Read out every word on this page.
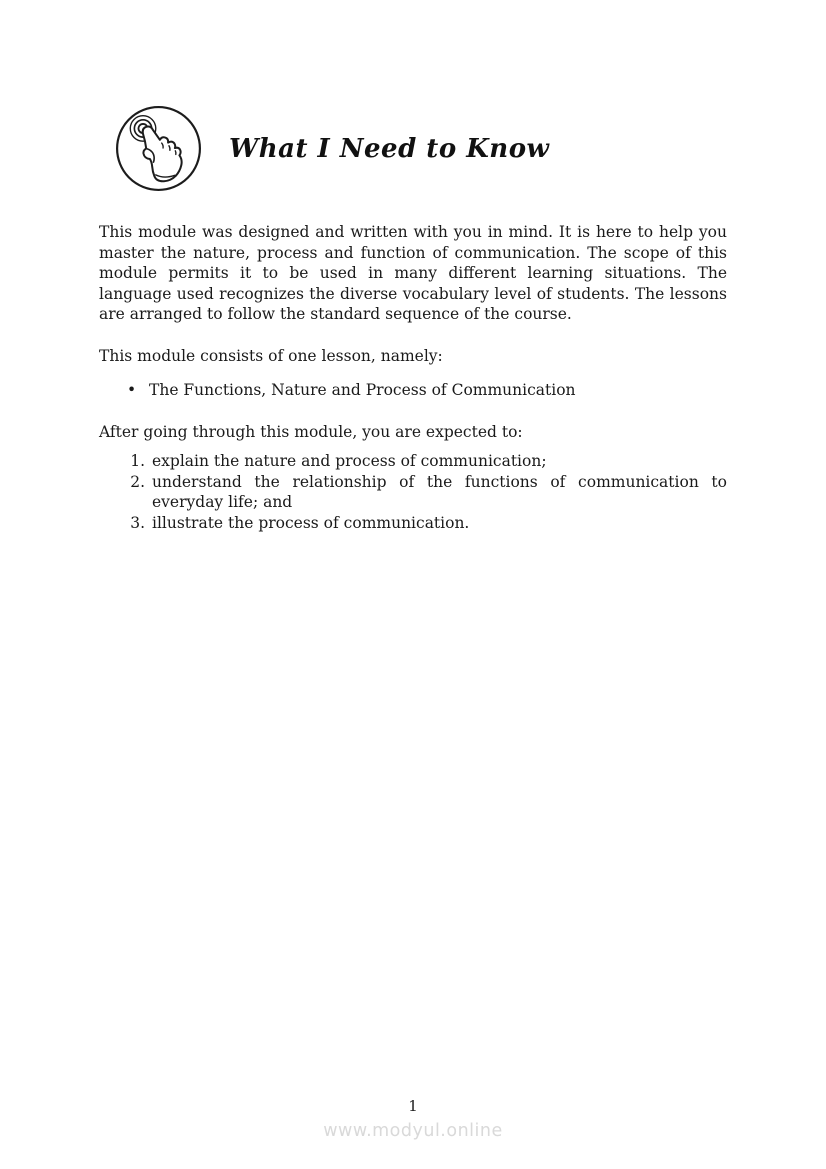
What I Need to Know

This module was designed and written with you in mind. It is here to help you master the nature, process and function of communication. The scope of this module permits it to be used in many different learning situations. The language used recognizes the diverse vocabulary level of students. The lessons are arranged to follow the standard sequence of the course.

This module consists of one lesson, namely:

• The Functions, Nature and Process of Communication

After going through this module, you are expected to:

1. explain the nature and process of communication;
2. understand the relationship of the functions of communication to everyday life; and
3. illustrate the process of communication.
1
www.modyul.online
